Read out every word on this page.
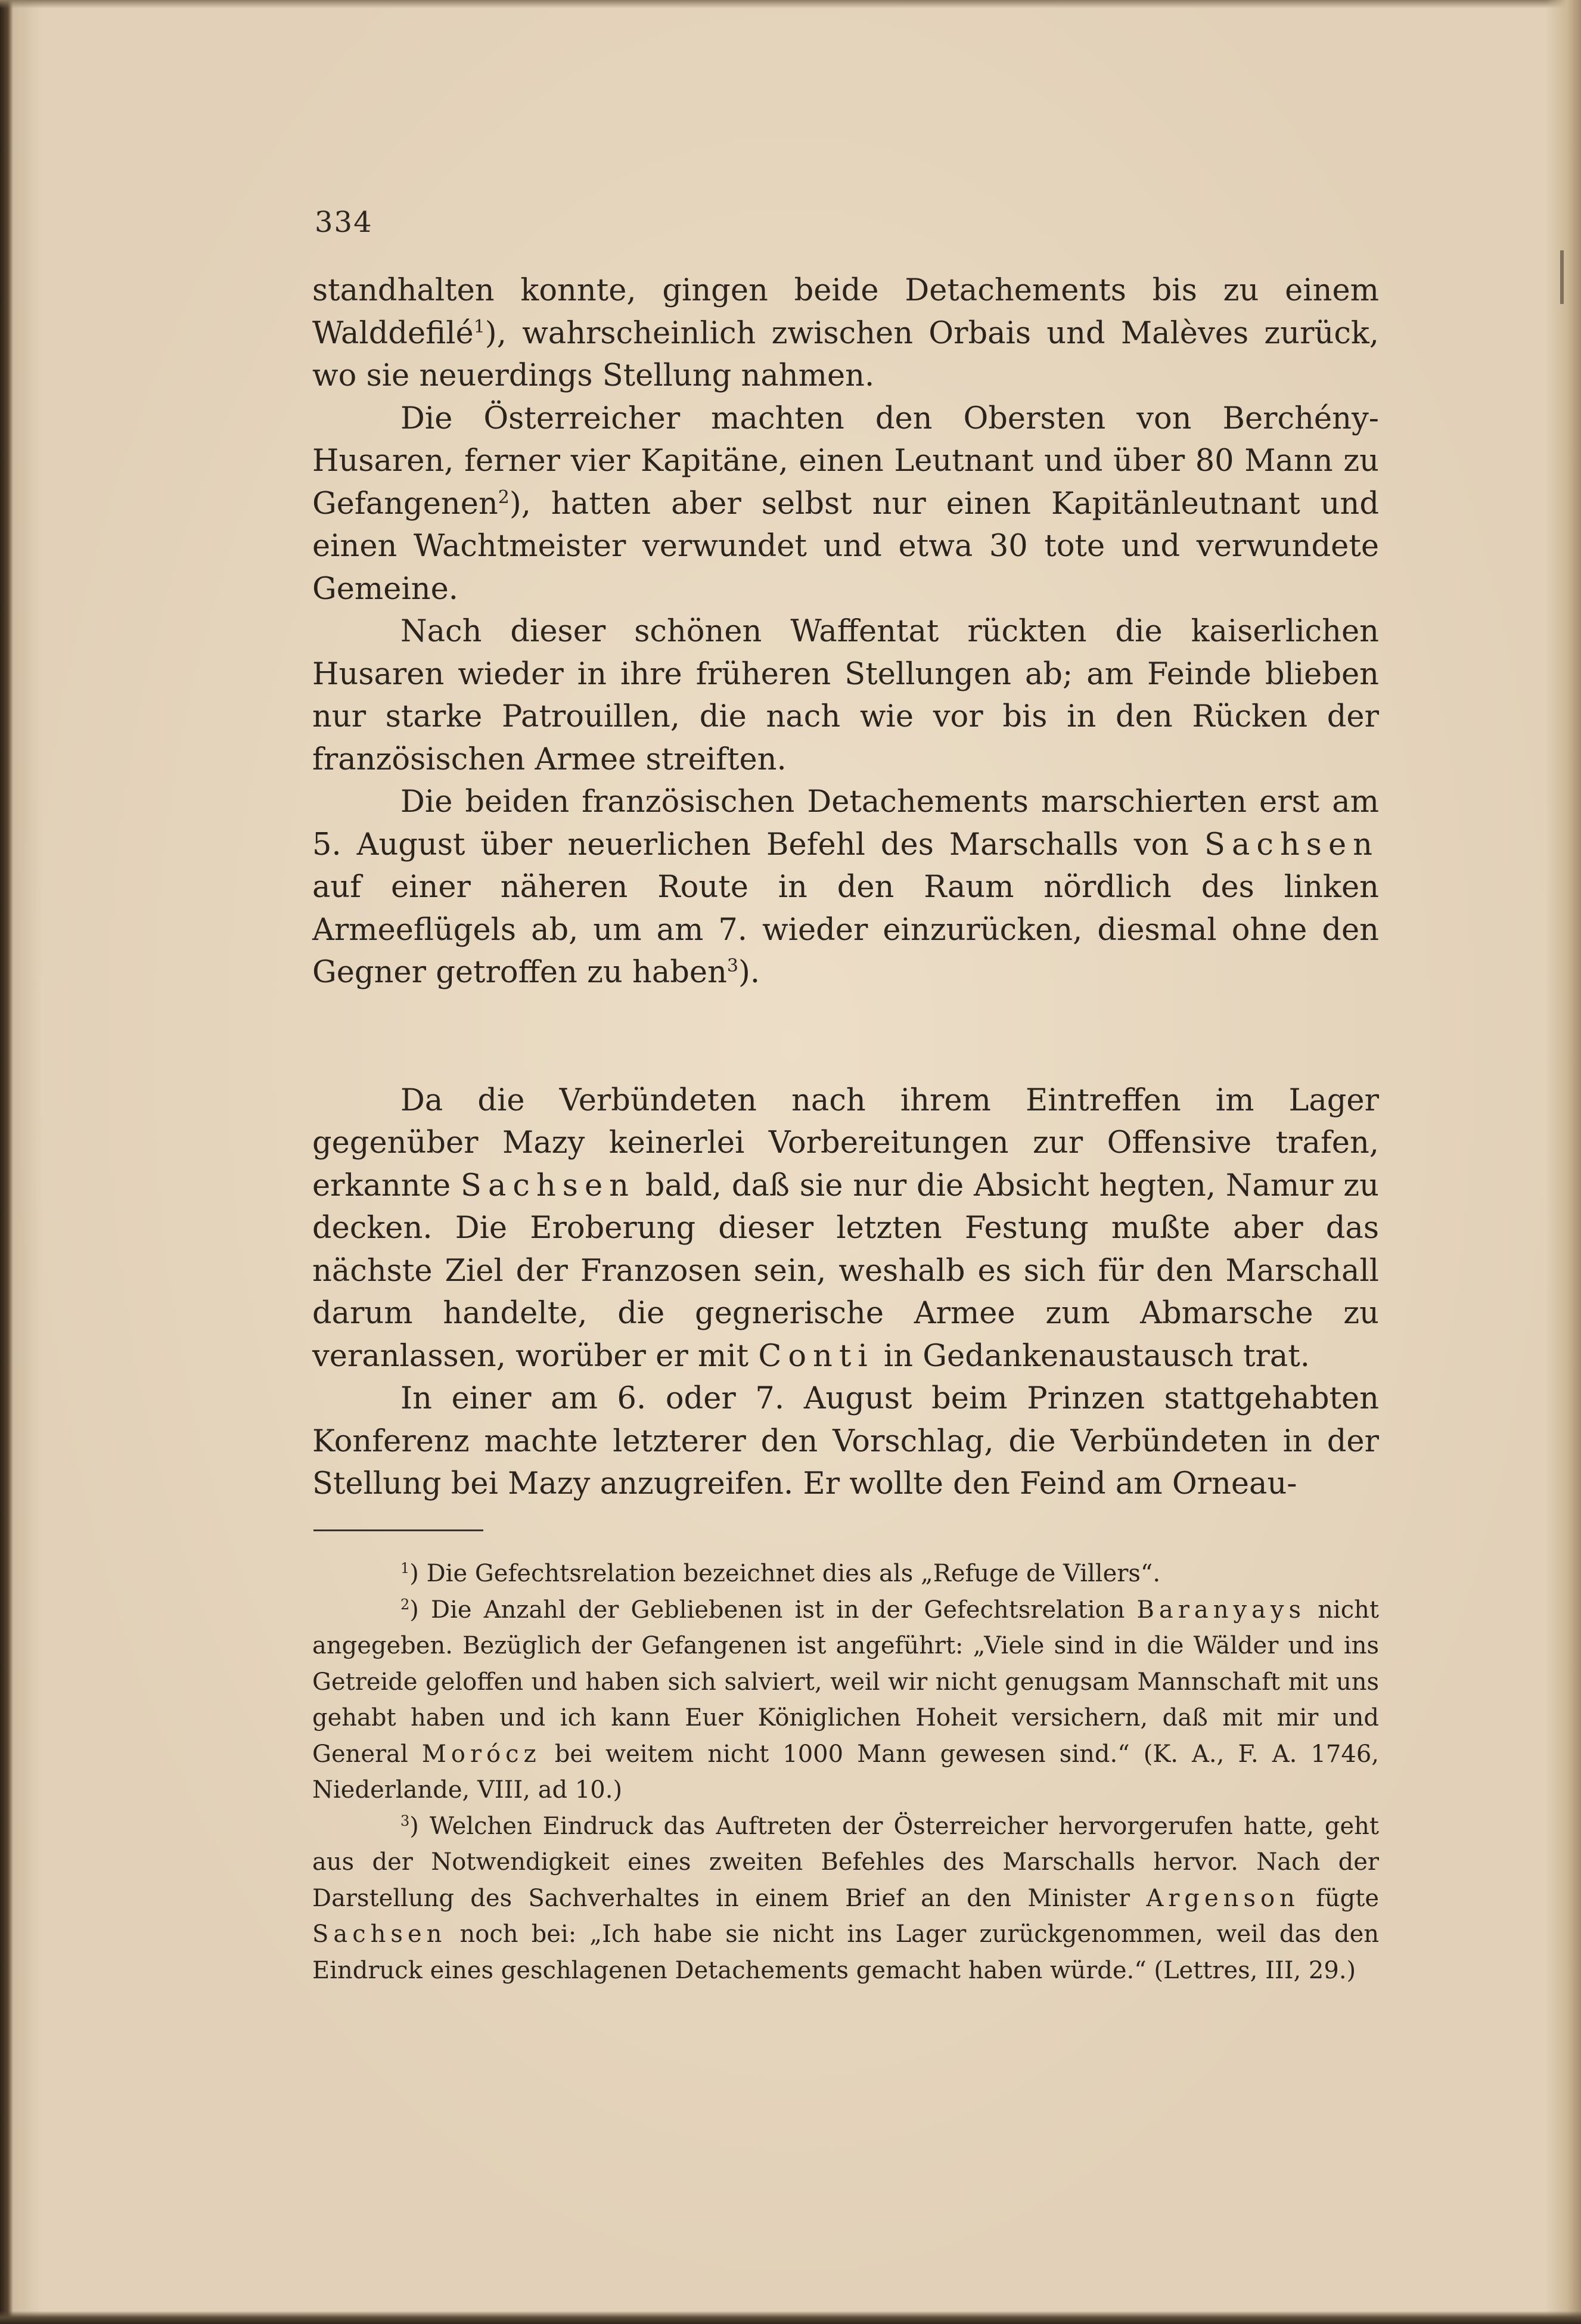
334

standhalten konnte, gingen beide Detachements bis zu einem Walddefilé$^1$), wahrscheinlich zwischen Orbais und Malèves zurück, wo sie neuerdings Stellung nahmen.

Die Österreicher machten den Obersten von Berchény-Husaren, ferner vier Kapitäne, einen Leutnant und über 80 Mann zu Gefangenen$^2$), hatten aber selbst nur einen Kapitänleutnant und einen Wachtmeister verwundet und etwa 30 tote und verwundete Gemeine.

Nach dieser schönen Waffentat rückten die kaiserlichen Husaren wieder in ihre früheren Stellungen ab; am Feinde blieben nur starke Patrouillen, die nach wie vor bis in den Rücken der französischen Armee streiften.

Die beiden französischen Detachements marschierten erst am 5. August über neuerlichen Befehl des Marschalls von Sachsen auf einer näheren Route in den Raum nördlich des linken Armeeflügels ab, um am 7. wieder einzurücken, diesmal ohne den Gegner getroffen zu haben$^3$).

Da die Verbündeten nach ihrem Eintreffen im Lager gegenüber Mazy keinerlei Vorbereitungen zur Offensive trafen, erkannte Sachsen bald, daß sie nur die Absicht hegten, Namur zu decken. Die Eroberung dieser letzten Festung mußte aber das nächste Ziel der Franzosen sein, weshalb es sich für den Marschall darum handelte, die gegnerische Armee zum Abmarsche zu veranlassen, worüber er mit Conti in Gedankenaustausch trat.

In einer am 6. oder 7. August beim Prinzen stattgehabten Konferenz machte letzterer den Vorschlag, die Verbündeten in der Stellung bei Mazy anzugreifen. Er wollte den Feind am Orneau-

$^1$) Die Gefechtsrelation bezeichnet dies als „Refuge de Villers“.

$^2$) Die Anzahl der Gebliebenen ist in der Gefechtsrelation Baranyays nicht angegeben. Bezüglich der Gefangenen ist angeführt: „Viele sind in die Wälder und ins Getreide geloffen und haben sich salviert, weil wir nicht genugsam Mannschaft mit uns gehabt haben und ich kann Euer Königlichen Hoheit versichern, daß mit mir und General Morócz bei weitem nicht 1000 Mann gewesen sind.“ (K. A., F. A. 1746, Niederlande, VIII, ad 10.)

$^3$) Welchen Eindruck das Auftreten der Österreicher hervorgerufen hatte, geht aus der Notwendigkeit eines zweiten Befehles des Marschalls hervor. Nach der Darstellung des Sachverhaltes in einem Brief an den Minister Argenson fügte Sachsen noch bei: „Ich habe sie nicht ins Lager zurückgenommen, weil das den Eindruck eines geschlagenen Detachements gemacht haben würde.“ (Lettres, III, 29.)
